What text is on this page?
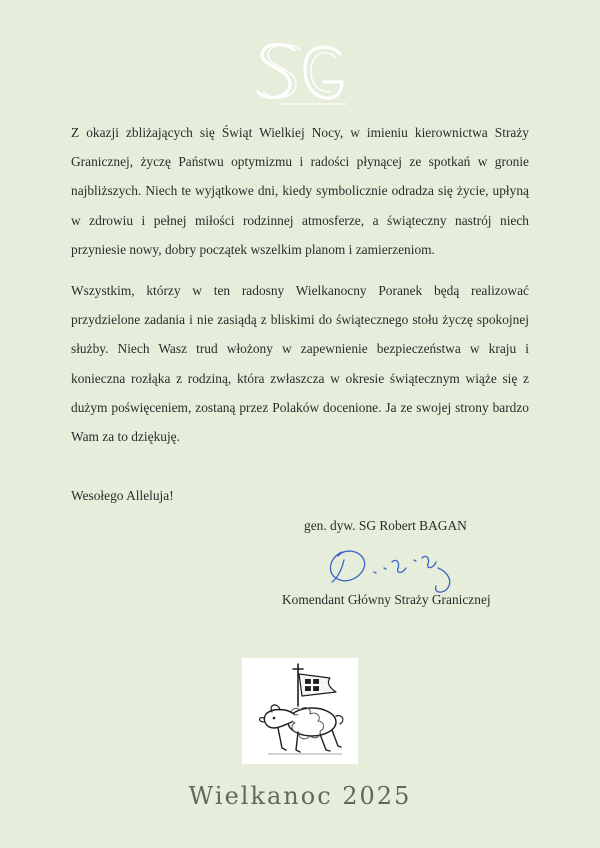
Z okazji zbliżających się Świąt Wielkiej Nocy, w imieniu kierownictwa Straży Granicznej, życzę Państwu optymizmu i radości płynącej ze spotkań w gronie najbliższych. Niech te wyjątkowe dni, kiedy symbolicznie odradza się życie, upłyną w zdrowiu i pełnej miłości rodzinnej atmosferze, a świąteczny nastrój niech przyniesie nowy, dobry początek wszelkim planom i zamierzeniom.

Wszystkim, którzy w ten radosny Wielkanocny Poranek będą realizować przydzielone zadania i nie zasiądą z bliskimi do świątecznego stołu życzę spokojnej służby. Niech Wasz trud włożony w zapewnienie bezpieczeństwa w kraju i konieczna rozłąka z rodziną, która zwłaszcza w okresie świątecznym wiąże się z dużym poświęceniem, zostaną przez Polaków docenione. Ja ze swojej strony bardzo Wam za to dziękuję.

Wesołego Alleluja!
gen. dyw. SG Robert BAGAN
Komendant Główny Straży Granicznej
Wielkanoc 2025
